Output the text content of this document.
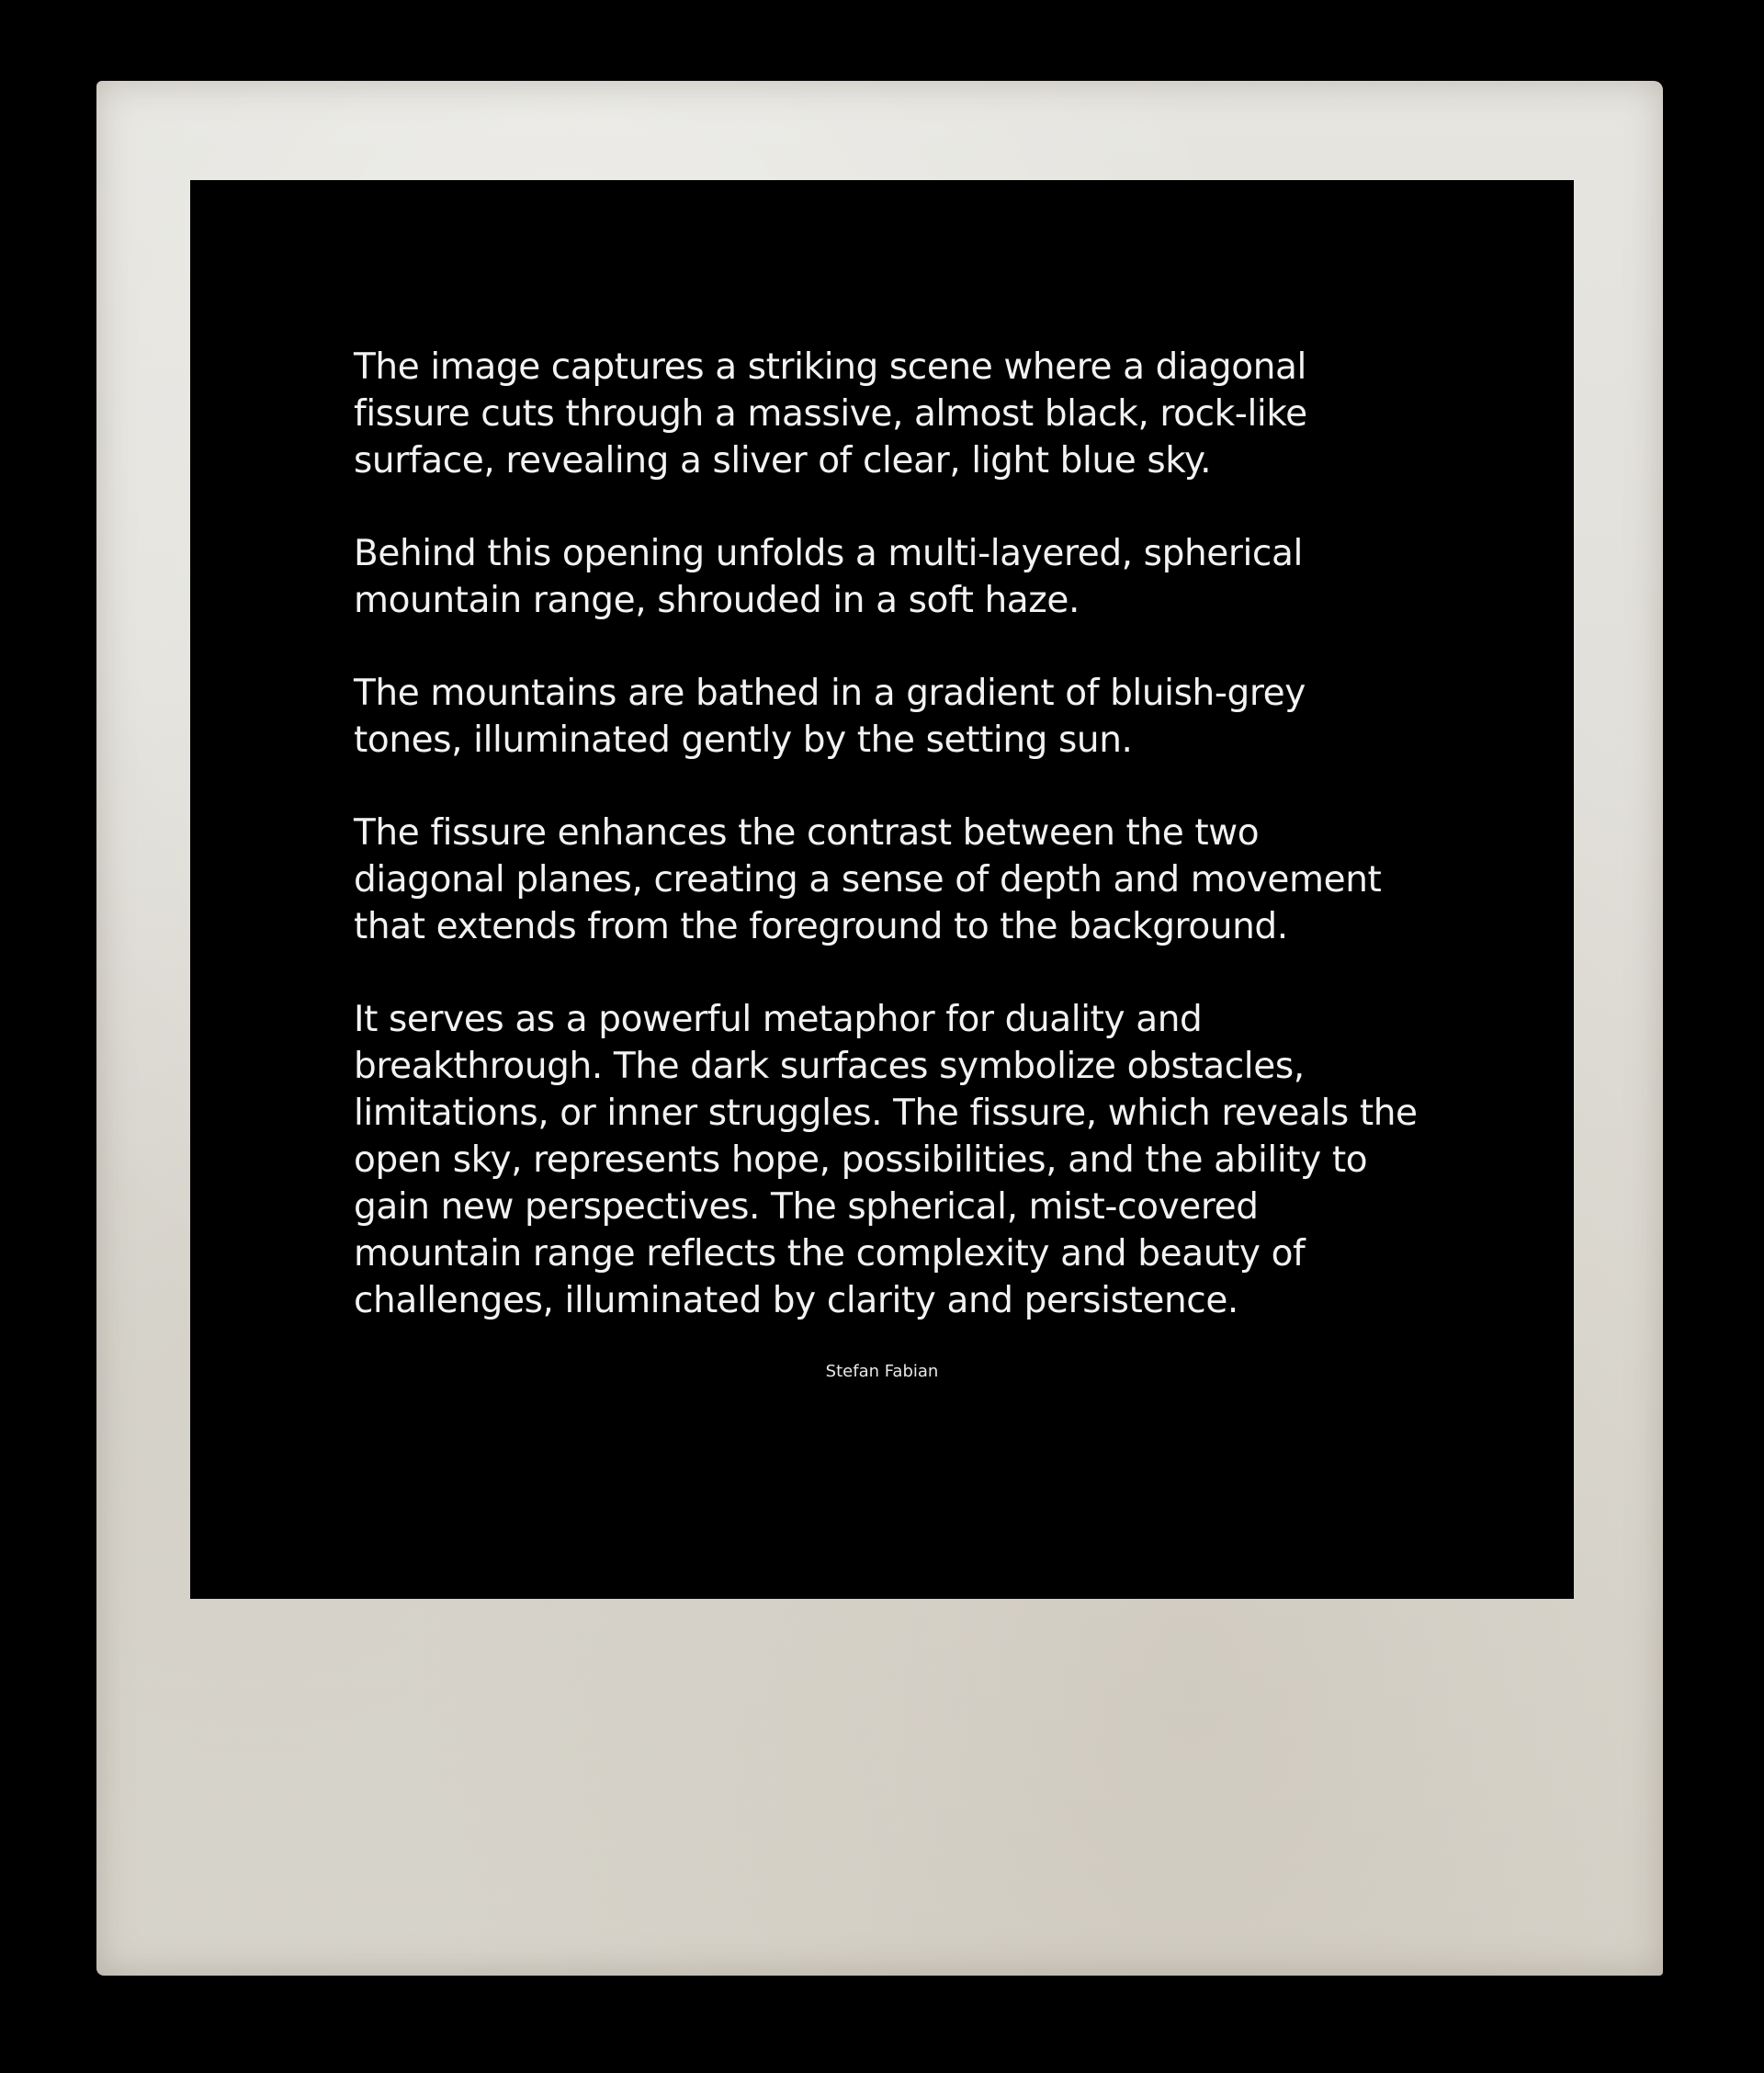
The image captures a striking scene where a diagonal
fissure cuts through a massive, almost black, rock-like
surface, revealing a sliver of clear, light blue sky.

Behind this opening unfolds a multi-layered, spherical
mountain range, shrouded in a soft haze.

The mountains are bathed in a gradient of bluish-grey
tones, illuminated gently by the setting sun.

The fissure enhances the contrast between the two
diagonal planes, creating a sense of depth and movement
that extends from the foreground to the background.

It serves as a powerful metaphor for duality and
breakthrough. The dark surfaces symbolize obstacles,
limitations, or inner struggles. The fissure, which reveals the
open sky, represents hope, possibilities, and the ability to
gain new perspectives. The spherical, mist-covered
mountain range reflects the complexity and beauty of
challenges, illuminated by clarity and persistence.

Stefan Fabian
